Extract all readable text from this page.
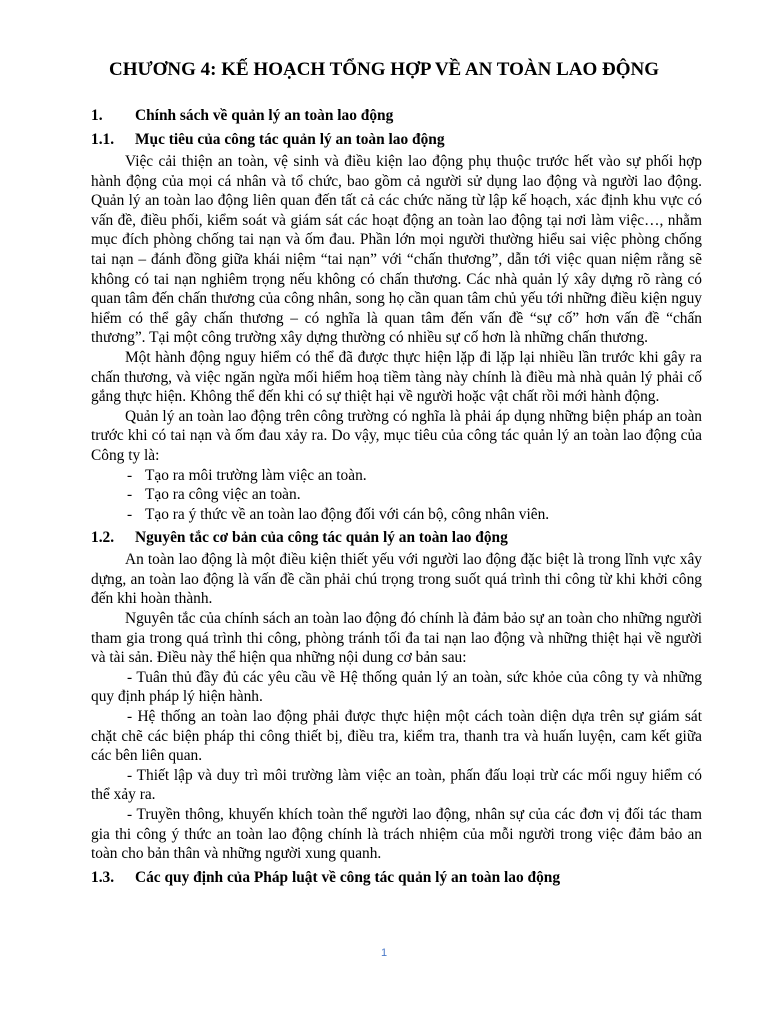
CHƯƠNG 4: KẾ HOẠCH TỔNG HỢP VỀ AN TOÀN LAO ĐỘNG
1. Chính sách về quản lý an toàn lao động
1.1. Mục tiêu của công tác quản lý an toàn lao động

Việc cải thiện an toàn, vệ sinh và điều kiện lao động phụ thuộc trước hết vào sự phối hợp hành động của mọi cá nhân và tổ chức, bao gồm cả người sử dụng lao động và người lao động. Quản lý an toàn lao động liên quan đến tất cả các chức năng từ lập kế hoạch, xác định khu vực có vấn đề, điều phối, kiểm soát và giám sát các hoạt động an toàn lao động tại nơi làm việc…, nhằm mục đích phòng chống tai nạn và ốm đau. Phần lớn mọi người thường hiểu sai việc phòng chống tai nạn – đánh đồng giữa khái niệm “tai nạn” với “chấn thương”, dẫn tới việc quan niệm rằng sẽ không có tai nạn nghiêm trọng nếu không có chấn thương. Các nhà quản lý xây dựng rõ ràng có quan tâm đến chấn thương của công nhân, song họ cần quan tâm chủ yếu tới những điều kiện nguy hiểm có thể gây chấn thương – có nghĩa là quan tâm đến vấn đề “sự cố” hơn vấn đề “chấn thương”. Tại một công trường xây dựng thường có nhiều sự cố hơn là những chấn thương.

Một hành động nguy hiểm có thể đã được thực hiện lặp đi lặp lại nhiều lần trước khi gây ra chấn thương, và việc ngăn ngừa mối hiểm hoạ tiềm tàng này chính là điều mà nhà quản lý phải cố gắng thực hiện. Không thể đến khi có sự thiệt hại về người hoặc vật chất rồi mới hành động.

Quản lý an toàn lao động trên công trường có nghĩa là phải áp dụng những biện pháp an toàn trước khi có tai nạn và ốm đau xảy ra. Do vậy, mục tiêu của công tác quản lý an toàn lao động của Công ty là:

- Tạo ra môi trường làm việc an toàn.
- Tạo ra công việc an toàn.
- Tạo ra ý thức về an toàn lao động đối với cán bộ, công nhân viên.
1.2. Nguyên tắc cơ bản của công tác quản lý an toàn lao động

An toàn lao động là một điều kiện thiết yếu với người lao động đặc biệt là trong lĩnh vực xây dựng, an toàn lao động là vấn đề cần phải chú trọng trong suốt quá trình thi công từ khi khởi công đến khi hoàn thành.

Nguyên tắc của chính sách an toàn lao động đó chính là đảm bảo sự an toàn cho những người tham gia trong quá trình thi công, phòng tránh tối đa tai nạn lao động và những thiệt hại về người và tài sản. Điều này thể hiện qua những nội dung cơ bản sau:

- Tuân thủ đầy đủ các yêu cầu về Hệ thống quản lý an toàn, sức khỏe của công ty và những quy định pháp lý hiện hành.

- Hệ thống an toàn lao động phải được thực hiện một cách toàn diện dựa trên sự giám sát chặt chẽ các biện pháp thi công thiết bị, điều tra, kiểm tra, thanh tra và huấn luyện, cam kết giữa các bên liên quan.

- Thiết lập và duy trì môi trường làm việc an toàn, phấn đấu loại trừ các mối nguy hiểm có thể xảy ra.

- Truyền thông, khuyến khích toàn thể người lao động, nhân sự của các đơn vị đối tác tham gia thi công ý thức an toàn lao động chính là trách nhiệm của mỗi người trong việc đảm bảo an toàn cho bản thân và những người xung quanh.

1.3. Các quy định của Pháp luật về công tác quản lý an toàn lao động
1
